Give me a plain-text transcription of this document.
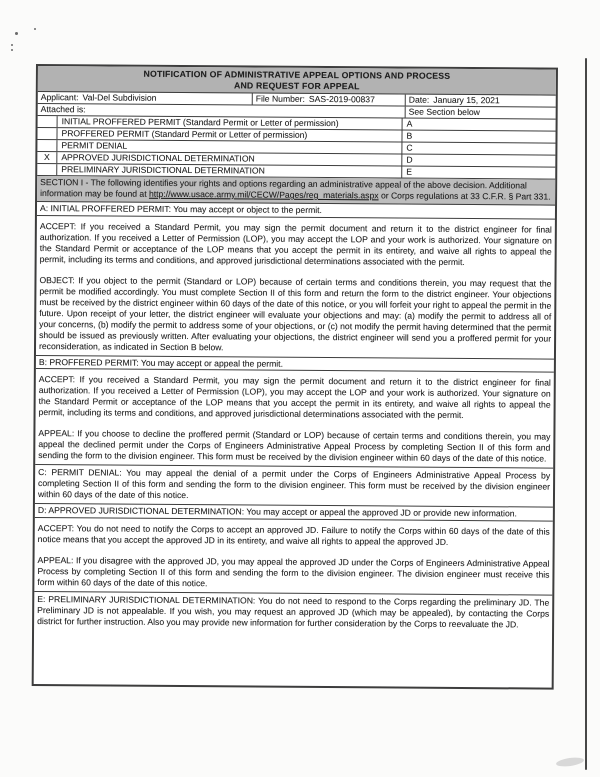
NOTIFICATION OF ADMINISTRATIVE APPEAL OPTIONS AND PROCESS
AND REQUEST FOR APPEAL
Applicant: Val-Del Subdivision	File Number: SAS-2019-00837	Date: January 15, 2021
Attached is:	See Section below
INITIAL PROFFERED PERMIT (Standard Permit or Letter of permission)	A
PROFFERED PERMIT (Standard Permit or Letter of permission)	B
PERMIT DENIAL	C
X	APPROVED JURISDICTIONAL DETERMINATION	D
PRELIMINARY JURISDICTIONAL DETERMINATION	E
SECTION I - The following identifies your rights and options regarding an administrative appeal of the above decision. Additional information may be found at http://www.usace.army.mil/CECW/Pages/reg_materials.aspx or Corps regulations at 33 C.F.R. § Part 331.
A: INITIAL PROFFERED PERMIT: You may accept or object to the permit.

ACCEPT: If you received a Standard Permit, you may sign the permit document and return it to the district engineer for final authorization. If you received a Letter of Permission (LOP), you may accept the LOP and your work is authorized. Your signature on the Standard Permit or acceptance of the LOP means that you accept the permit in its entirety, and waive all rights to appeal the permit, including its terms and conditions, and approved jurisdictional determinations associated with the permit.

OBJECT: If you object to the permit (Standard or LOP) because of certain terms and conditions therein, you may request that the permit be modified accordingly. You must complete Section II of this form and return the form to the district engineer. Your objections must be received by the district engineer within 60 days of the date of this notice, or you will forfeit your right to appeal the permit in the future. Upon receipt of your letter, the district engineer will evaluate your objections and may: (a) modify the permit to address all of your concerns, (b) modify the permit to address some of your objections, or (c) not modify the permit having determined that the permit should be issued as previously written. After evaluating your objections, the district engineer will send you a proffered permit for your reconsideration, as indicated in Section B below.

B: PROFFERED PERMIT: You may accept or appeal the permit.

ACCEPT: If you received a Standard Permit, you may sign the permit document and return it to the district engineer for final authorization. If you received a Letter of Permission (LOP), you may accept the LOP and your work is authorized. Your signature on the Standard Permit or acceptance of the LOP means that you accept the permit in its entirety, and waive all rights to appeal the permit, including its terms and conditions, and approved jurisdictional determinations associated with the permit.

APPEAL: If you choose to decline the proffered permit (Standard or LOP) because of certain terms and conditions therein, you may appeal the declined permit under the Corps of Engineers Administrative Appeal Process by completing Section II of this form and sending the form to the division engineer. This form must be received by the division engineer within 60 days of the date of this notice.

C: PERMIT DENIAL: You may appeal the denial of a permit under the Corps of Engineers Administrative Appeal Process by completing Section II of this form and sending the form to the division engineer. This form must be received by the division engineer within 60 days of the date of this notice.

D: APPROVED JURISDICTIONAL DETERMINATION: You may accept or appeal the approved JD or provide new information.

ACCEPT: You do not need to notify the Corps to accept an approved JD. Failure to notify the Corps within 60 days of the date of this notice means that you accept the approved JD in its entirety, and waive all rights to appeal the approved JD.

APPEAL: If you disagree with the approved JD, you may appeal the approved JD under the Corps of Engineers Administrative Appeal Process by completing Section II of this form and sending the form to the division engineer. The division engineer must receive this form within 60 days of the date of this notice.

E: PRELIMINARY JURISDICTIONAL DETERMINATION: You do not need to respond to the Corps regarding the preliminary JD. The Preliminary JD is not appealable. If you wish, you may request an approved JD (which may be appealed), by contacting the Corps district for further instruction. Also you may provide new information for further consideration by the Corps to reevaluate the JD.
